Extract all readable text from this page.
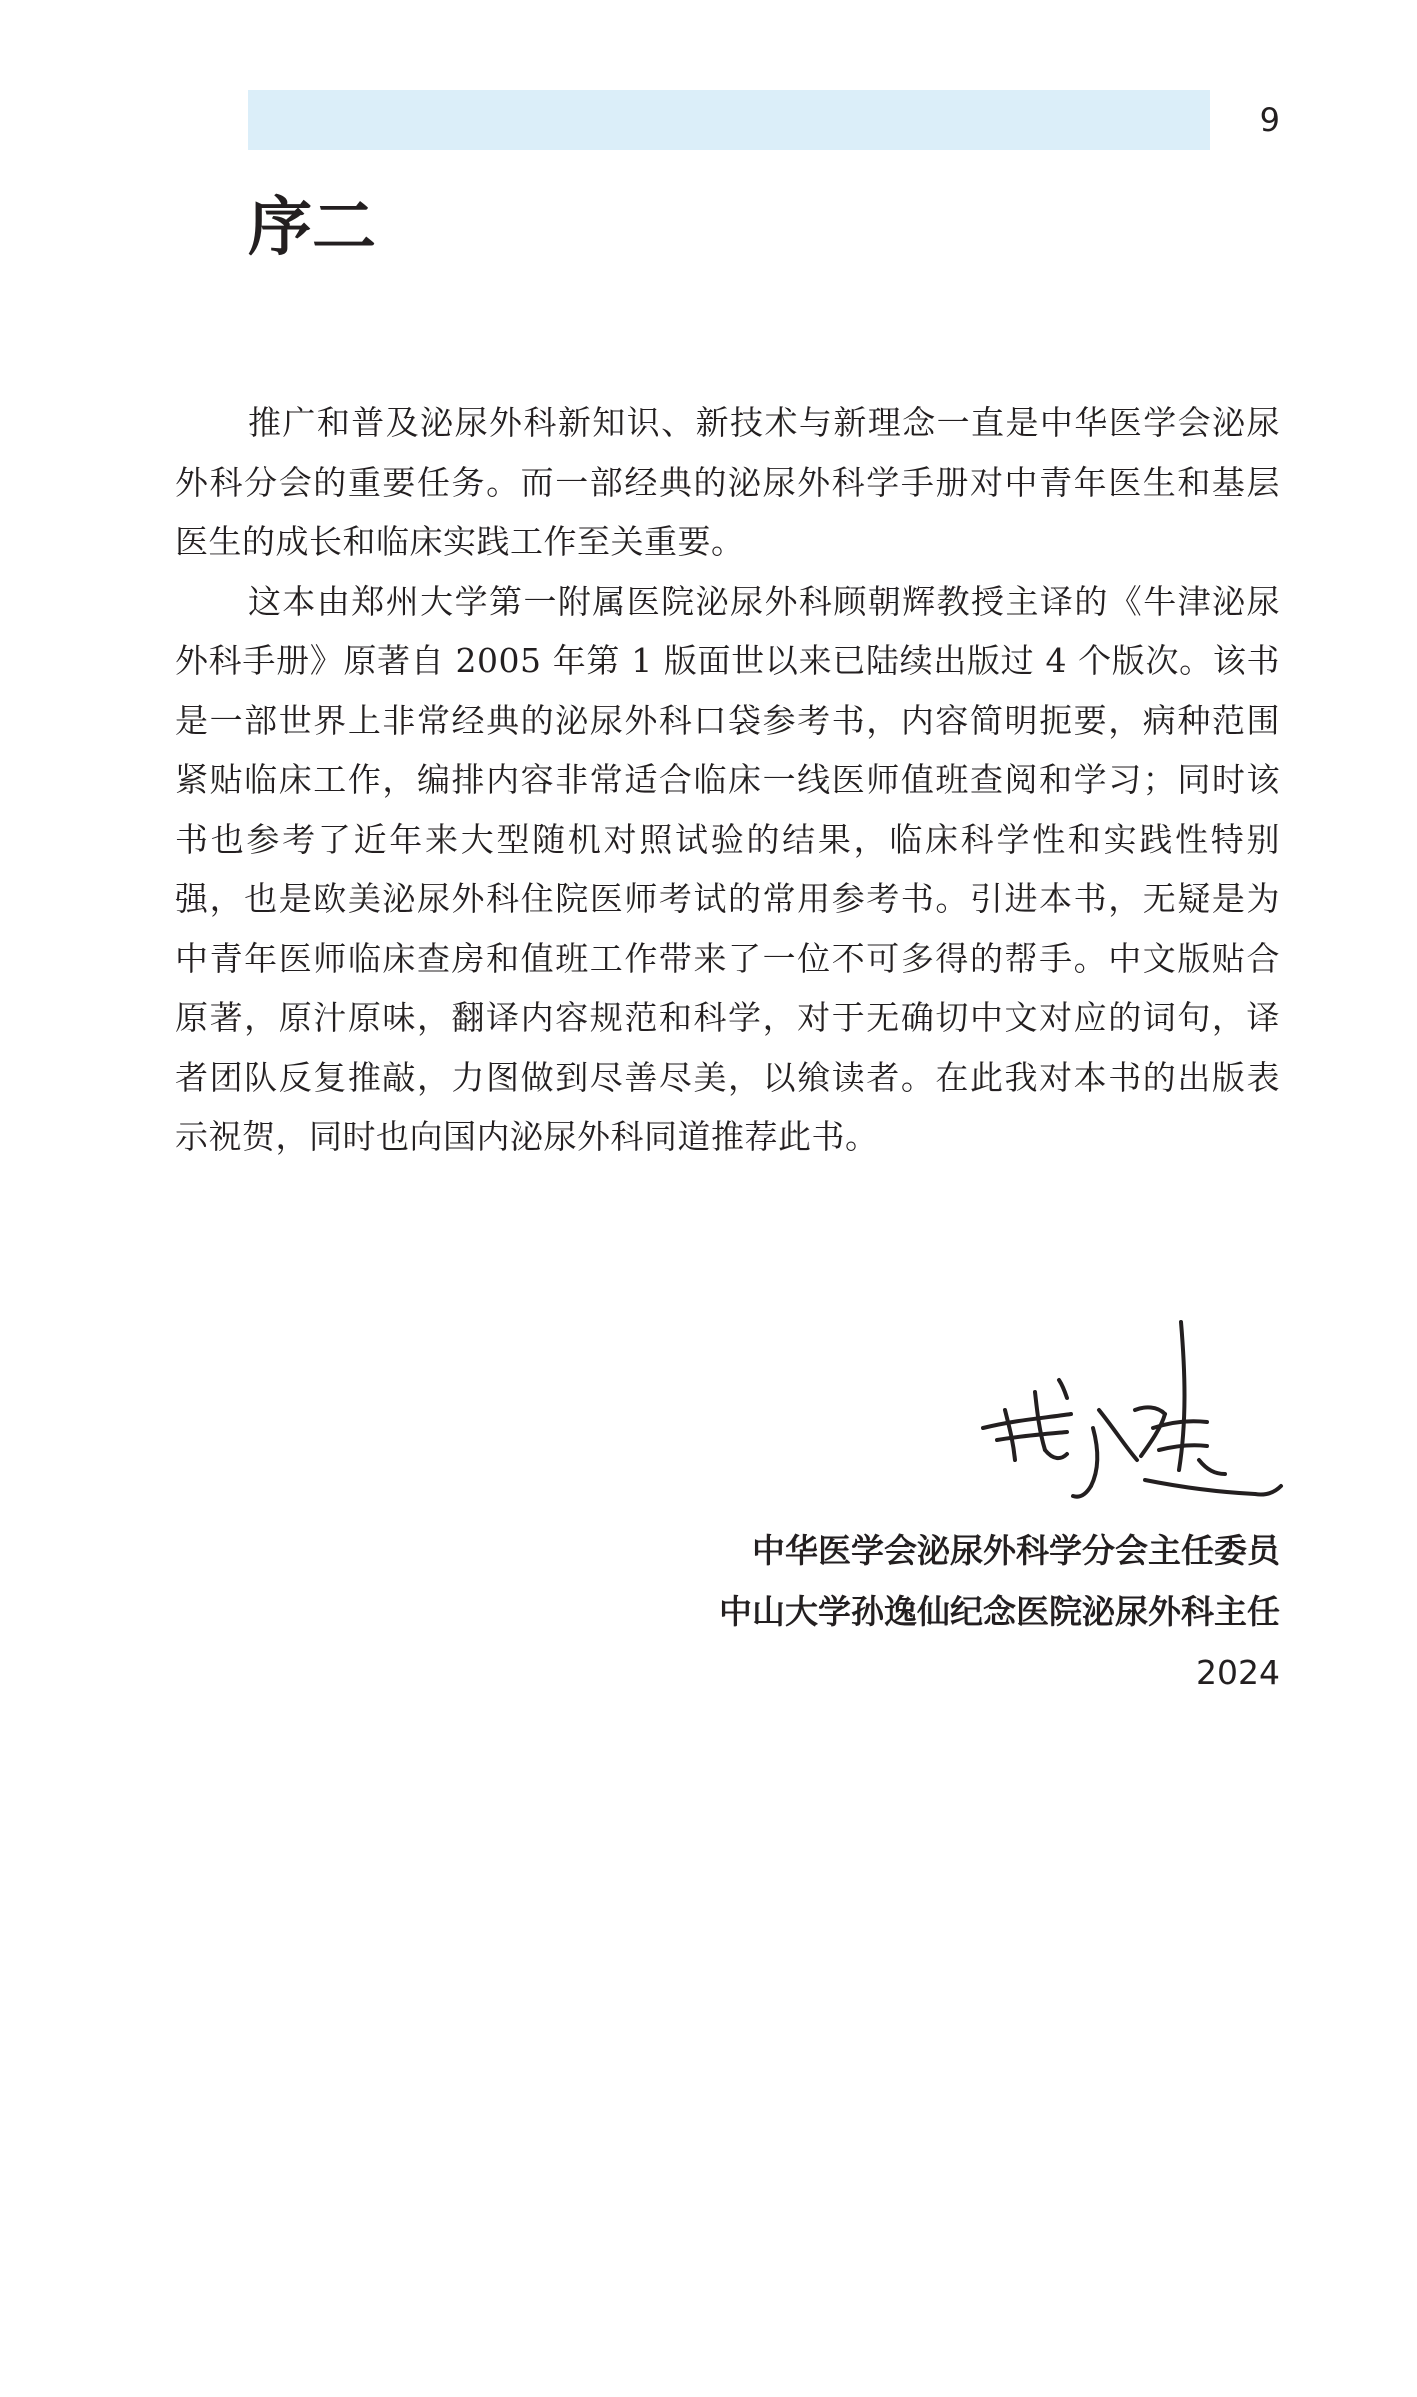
9
序二

推广和普及泌尿外科新知识、新技术与新理念一直是中华医学会泌尿外科分会的重要任务。而一部经典的泌尿外科学手册对中青年医生和基层医生的成长和临床实践工作至关重要。

这本由郑州大学第一附属医院泌尿外科顾朝辉教授主译的《牛津泌尿外科手册》原著自 2005 年第 1 版面世以来已陆续出版过 4 个版次。该书是一部世界上非常经典的泌尿外科口袋参考书，内容简明扼要，病种范围紧贴临床工作，编排内容非常适合临床一线医师值班查阅和学习；同时该书也参考了近年来大型随机对照试验的结果，临床科学性和实践性特别强，也是欧美泌尿外科住院医师考试的常用参考书。引进本书，无疑是为中青年医师临床查房和值班工作带来了一位不可多得的帮手。中文版贴合原著，原汁原味，翻译内容规范和科学，对于无确切中文对应的词句，译者团队反复推敲，力图做到尽善尽美，以飨读者。在此我对本书的出版表示祝贺，同时也向国内泌尿外科同道推荐此书。

中华医学会泌尿外科学分会主任委员
中山大学孙逸仙纪念医院泌尿外科主任
2024
